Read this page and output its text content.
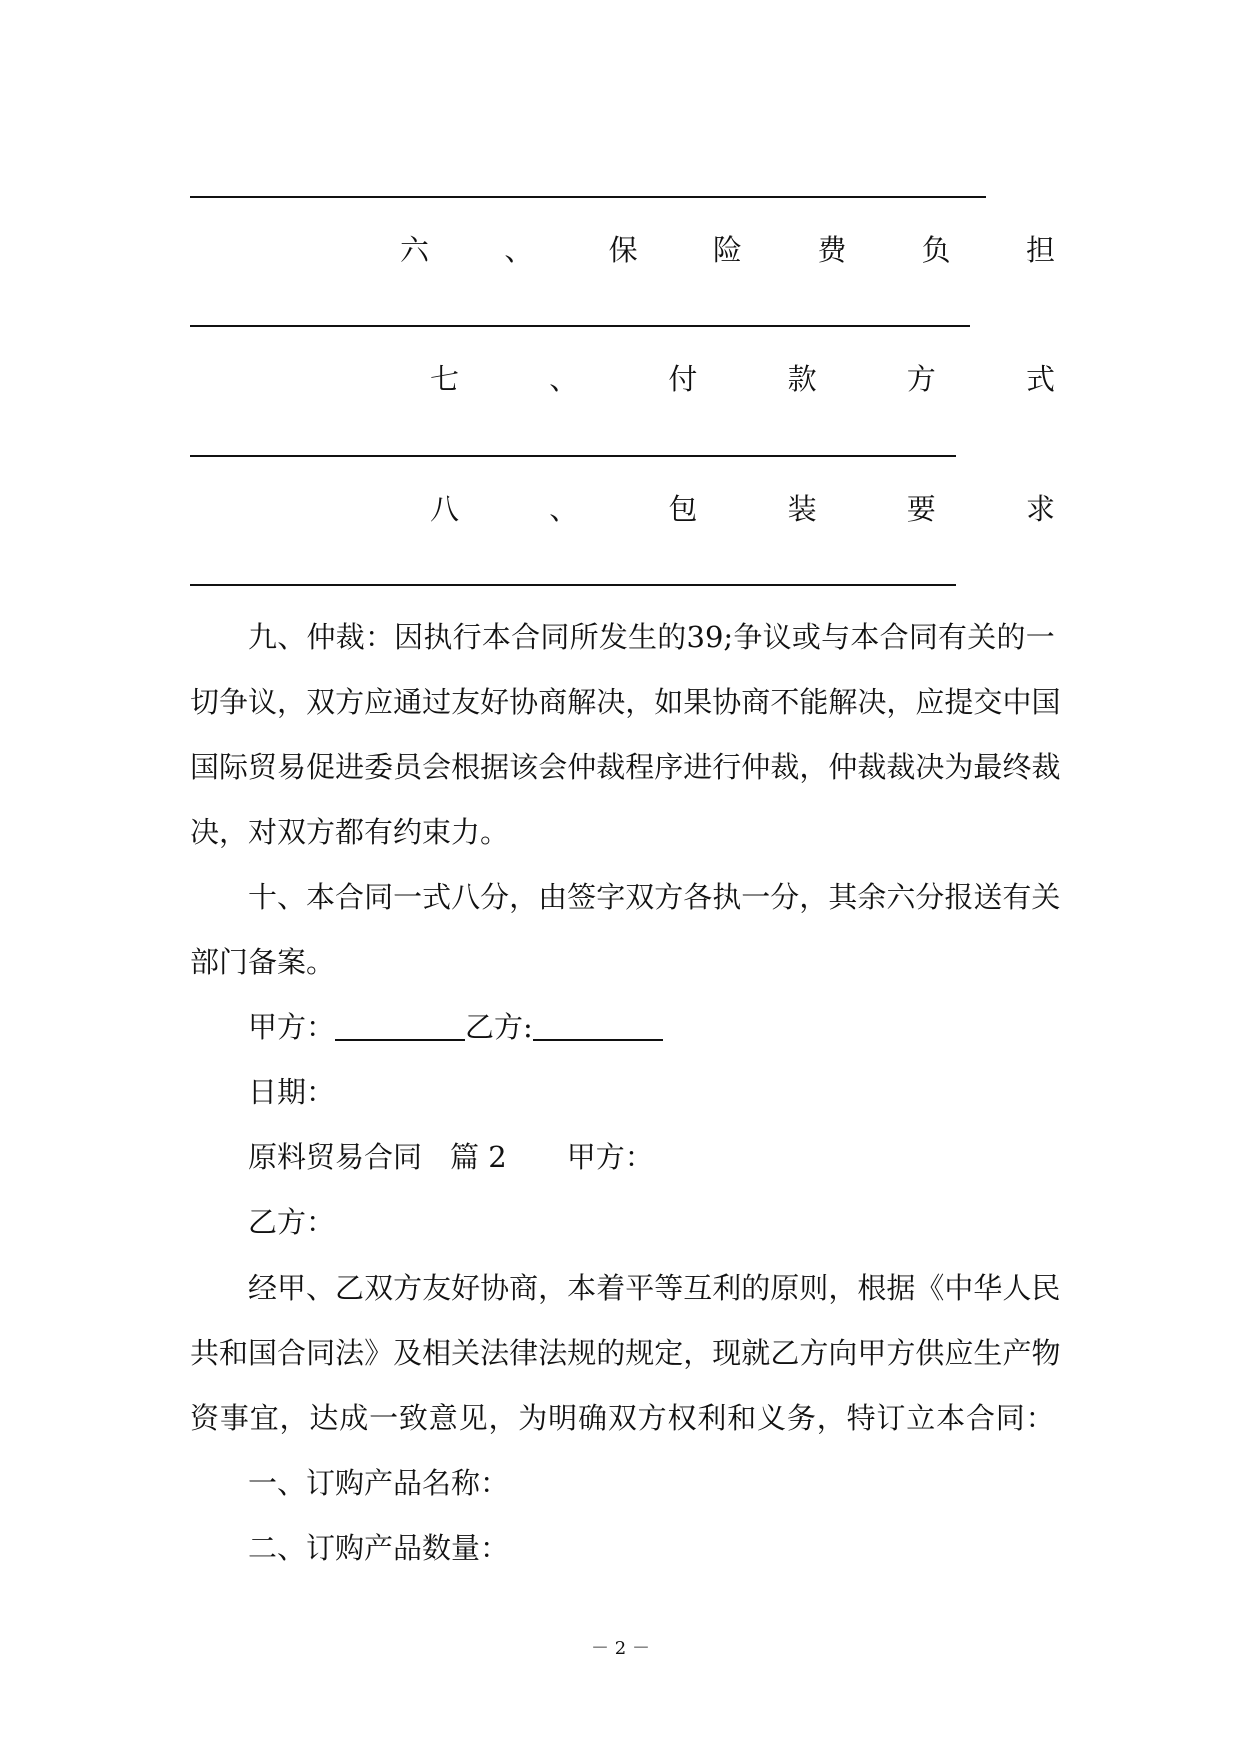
六	、	保	险	费	负	担
七	、	付	款	方	式
八	、	包	装	要	求
九 、 仲 裁 ： 因 执 行 本 合 同 所 发 生 的 39; 争 议 或 与 本 合 同 有 关 的 一
切 争 议 ， 双 方 应 通 过 友 好 协 商 解 决 ， 如 果 协 商 不 能 解 决 ， 应 提 交 中 国
国 际 贸 易 促 进 委 员 会 根 据 该 会 仲 裁 程 序 进 行 仲 裁 ， 仲 裁 裁 决 为 最 终 裁
决，对双方都有约束力。
十 、 本 合 同 一 式 八 分 ， 由 签 字 双 方 各 执 一 分 ， 其 余 六 分 报 送 有 关
部门备案。
甲方：	乙方:
日期：
原料贸易合同 篇 2 甲方：
乙方：
经 甲 、 乙 双 方 友 好 协 商 ， 本 着 平 等 互 利 的 原 则 ， 根 据 《 中 华 人 民
共 和 国 合 同 法 》 及 相 关 法 律 法 规 的 规 定 ， 现 就 乙 方 向 甲 方 供 应 生 产 物
资 事 宜 ， 达 成 一 致 意 见 ， 为 明 确 双 方 权 利 和 义 务 ， 特 订 立 本 合 同 ：
一、订购产品名称：
二、订购产品数量：
－ 2 －
